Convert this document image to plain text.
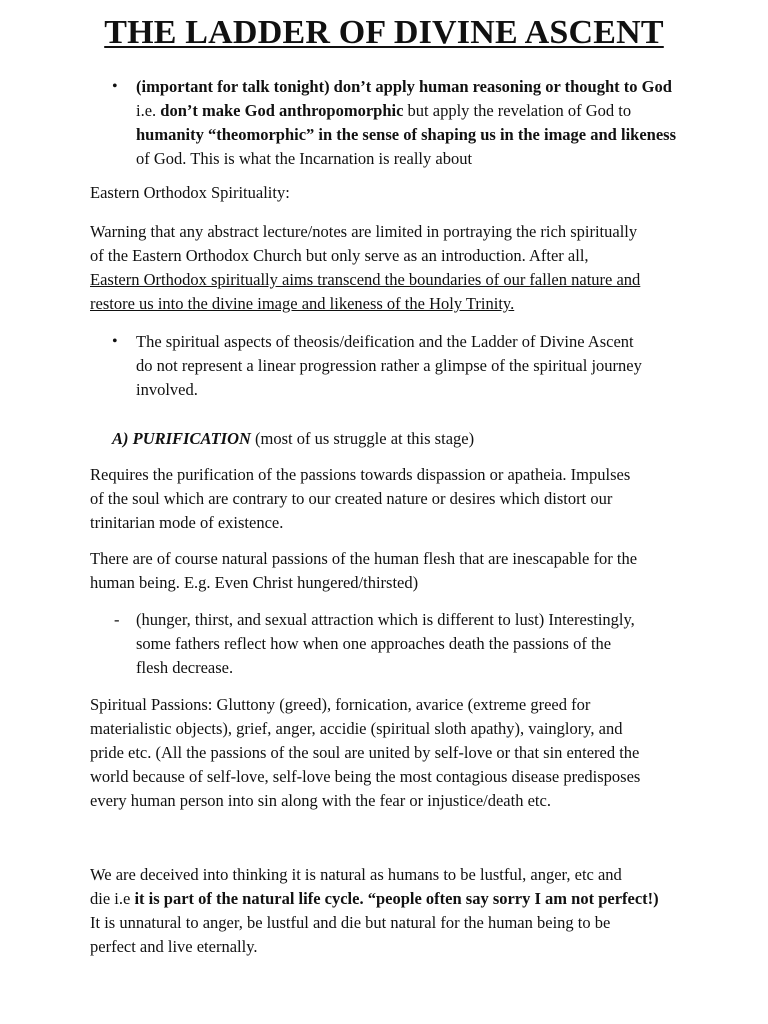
THE LADDER OF DIVINE ASCENT
• (important for talk tonight) don’t apply human reasoning or thought to God
i.e. don’t make God anthropomorphic but apply the revelation of God to
humanity “theomorphic” in the sense of shaping us in the image and likeness
of God. This is what the Incarnation is really about
Eastern Orthodox Spirituality:
Warning that any abstract lecture/notes are limited in portraying the rich spiritually
of the Eastern Orthodox Church but only serve as an introduction. After all,
Eastern Orthodox spiritually aims transcend the boundaries of our fallen nature and
restore us into the divine image and likeness of the Holy Trinity.
• The spiritual aspects of theosis/deification and the Ladder of Divine Ascent
do not represent a linear progression rather a glimpse of the spiritual journey
involved.
A) PURIFICATION (most of us struggle at this stage)
Requires the purification of the passions towards dispassion or apatheia. Impulses
of the soul which are contrary to our created nature or desires which distort our
trinitarian mode of existence.
There are of course natural passions of the human flesh that are inescapable for the
human being. E.g. Even Christ hungered/thirsted)
- (hunger, thirst, and sexual attraction which is different to lust) Interestingly,
some fathers reflect how when one approaches death the passions of the
flesh decrease.
Spiritual Passions: Gluttony (greed), fornication, avarice (extreme greed for
materialistic objects), grief, anger, accidie (spiritual sloth apathy), vainglory, and
pride etc. (All the passions of the soul are united by self-love or that sin entered the
world because of self-love, self-love being the most contagious disease predisposes
every human person into sin along with the fear or injustice/death etc.
We are deceived into thinking it is natural as humans to be lustful, anger, etc and
die i.e it is part of the natural life cycle. “people often say sorry I am not perfect!)
It is unnatural to anger, be lustful and die but natural for the human being to be
perfect and live eternally.
